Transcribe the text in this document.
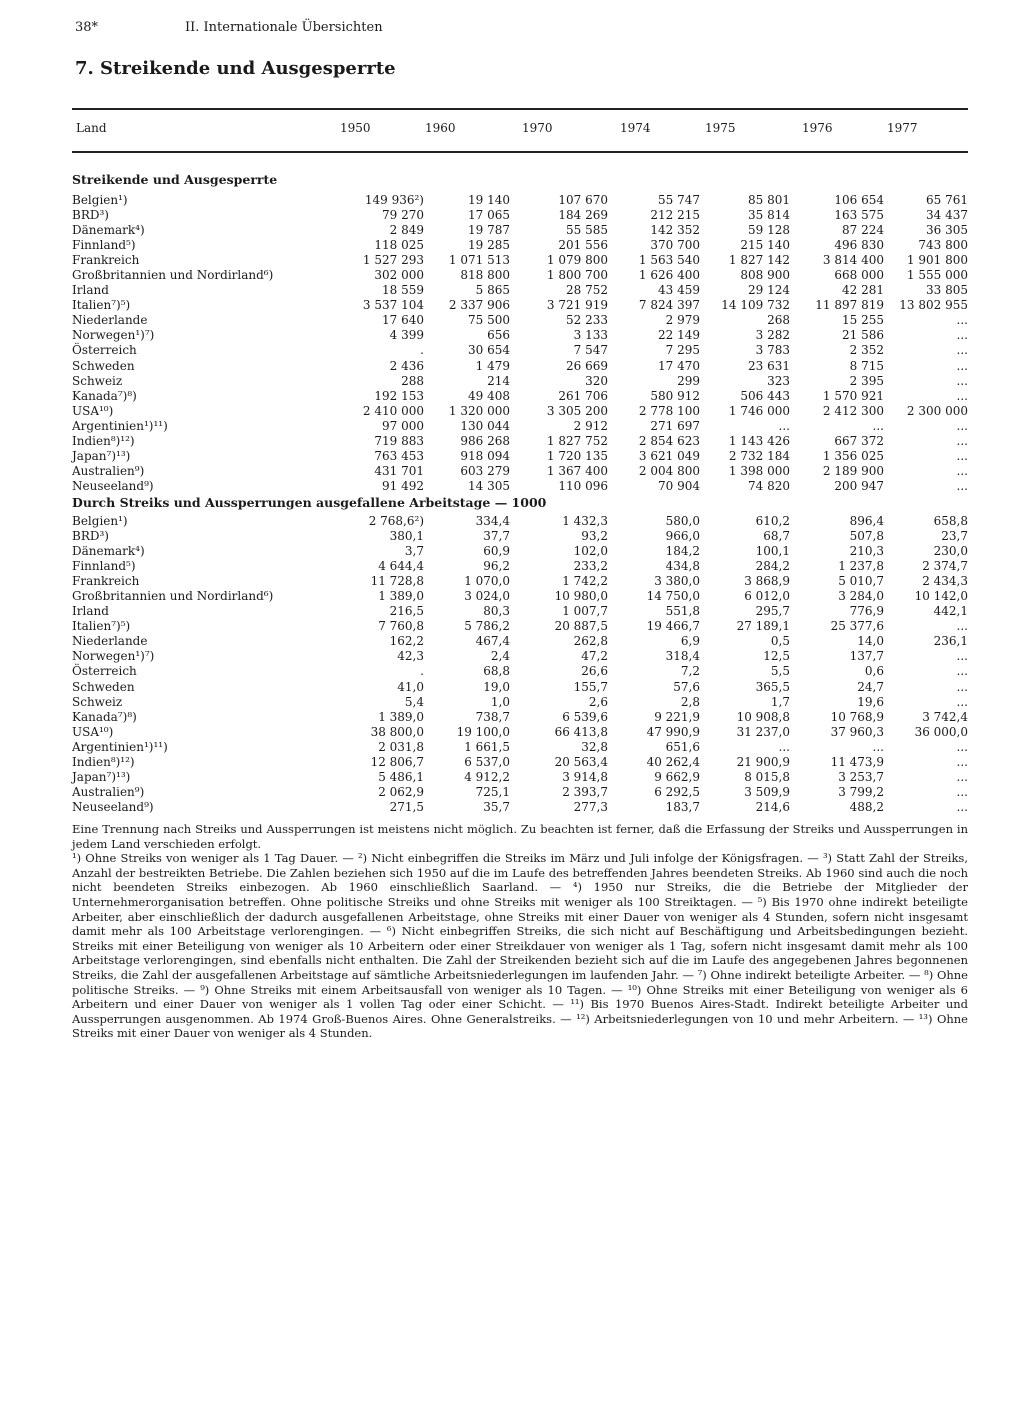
38*	II. Internationale Übersichten
7. Streikende und Ausgesperrte
Land	1950	1960	1970	1974	1975	1976	1977
Streikende und Ausgesperrte
Belgien¹)	149 936²)	19 140	107 670	55 747	85 801	106 654	65 761
BRD³)	79 270	17 065	184 269	212 215	35 814	163 575	34 437
Dänemark⁴)	2 849	19 787	55 585	142 352	59 128	87 224	36 305
Finnland⁵)	118 025	19 285	201 556	370 700	215 140	496 830	743 800
Frankreich	1 527 293	1 071 513	1 079 800	1 563 540	1 827 142	3 814 400	1 901 800
Großbritannien und Nordirland⁶)	302 000	818 800	1 800 700	1 626 400	808 900	668 000	1 555 000
Irland	18 559	5 865	28 752	43 459	29 124	42 281	33 805
Italien⁷)⁵)	3 537 104	2 337 906	3 721 919	7 824 397	14 109 732	11 897 819	13 802 955
Niederlande	17 640	75 500	52 233	2 979	268	15 255	...
Norwegen¹)⁷)	4 399	656	3 133	22 149	3 282	21 586	...
Österreich	.	30 654	7 547	7 295	3 783	2 352	...
Schweden	2 436	1 479	26 669	17 470	23 631	8 715	...
Schweiz	288	214	320	299	323	2 395	...
Kanada⁷)⁸)	192 153	49 408	261 706	580 912	506 443	1 570 921	...
USA¹⁰)	2 410 000	1 320 000	3 305 200	2 778 100	1 746 000	2 412 300	2 300 000
Argentinien¹)¹¹)	97 000	130 044	2 912	271 697	...	...	...
Indien⁸)¹²)	719 883	986 268	1 827 752	2 854 623	1 143 426	667 372	...
Japan⁷)¹³)	763 453	918 094	1 720 135	3 621 049	2 732 184	1 356 025	...
Australien⁹)	431 701	603 279	1 367 400	2 004 800	1 398 000	2 189 900	...
Neuseeland⁹)	91 492	14 305	110 096	70 904	74 820	200 947	...
Durch Streiks und Aussperrungen ausgefallene Arbeitstage — 1000
Belgien¹)	2 768,6²)	334,4	1 432,3	580,0	610,2	896,4	658,8
BRD³)	380,1	37,7	93,2	966,0	68,7	507,8	23,7
Dänemark⁴)	3,7	60,9	102,0	184,2	100,1	210,3	230,0
Finnland⁵)	4 644,4	96,2	233,2	434,8	284,2	1 237,8	2 374,7
Frankreich	11 728,8	1 070,0	1 742,2	3 380,0	3 868,9	5 010,7	2 434,3
Großbritannien und Nordirland⁶)	1 389,0	3 024,0	10 980,0	14 750,0	6 012,0	3 284,0	10 142,0
Irland	216,5	80,3	1 007,7	551,8	295,7	776,9	442,1
Italien⁷)⁵)	7 760,8	5 786,2	20 887,5	19 466,7	27 189,1	25 377,6	...
Niederlande	162,2	467,4	262,8	6,9	0,5	14,0	236,1
Norwegen¹)⁷)	42,3	2,4	47,2	318,4	12,5	137,7	...
Österreich	.	68,8	26,6	7,2	5,5	0,6	...
Schweden	41,0	19,0	155,7	57,6	365,5	24,7	...
Schweiz	5,4	1,0	2,6	2,8	1,7	19,6	...
Kanada⁷)⁸)	1 389,0	738,7	6 539,6	9 221,9	10 908,8	10 768,9	3 742,4
USA¹⁰)	38 800,0	19 100,0	66 413,8	47 990,9	31 237,0	37 960,3	36 000,0
Argentinien¹)¹¹)	2 031,8	1 661,5	32,8	651,6	...	...	...
Indien⁸)¹²)	12 806,7	6 537,0	20 563,4	40 262,4	21 900,9	11 473,9	...
Japan⁷)¹³)	5 486,1	4 912,2	3 914,8	9 662,9	8 015,8	3 253,7	...
Australien⁹)	2 062,9	725,1	2 393,7	6 292,5	3 509,9	3 799,2	...
Neuseeland⁹)	271,5	35,7	277,3	183,7	214,6	488,2	...

Eine Trennung nach Streiks und Aussperrungen ist meistens nicht möglich. Zu beachten ist ferner, daß die Erfassung der Streiks und Aussperrungen in jedem Land verschieden erfolgt.

¹) Ohne Streiks von weniger als 1 Tag Dauer. — ²) Nicht einbegriffen die Streiks im März und Juli infolge der Königsfragen. — ³) Statt Zahl der Streiks, Anzahl der bestreikten Betriebe. Die Zahlen beziehen sich 1950 auf die im Laufe des betreffenden Jahres beendeten Streiks. Ab 1960 sind auch die noch nicht beendeten Streiks einbezogen. Ab 1960 einschließlich Saarland. — ⁴) 1950 nur Streiks, die die Betriebe der Mitglieder der Unternehmerorganisation betreffen. Ohne politische Streiks und ohne Streiks mit weniger als 100 Streiktagen. — ⁵) Bis 1970 ohne indirekt beteiligte Arbeiter, aber einschließlich der dadurch ausgefallenen Arbeitstage, ohne Streiks mit einer Dauer von weniger als 4 Stunden, sofern nicht insgesamt damit mehr als 100 Arbeitstage verlorengingen. — ⁶) Nicht einbegriffen Streiks, die sich nicht auf Beschäftigung und Arbeitsbedingungen bezieht. Streiks mit einer Beteiligung von weniger als 10 Arbeitern oder einer Streikdauer von weniger als 1 Tag, sofern nicht insgesamt damit mehr als 100 Arbeitstage verlorengingen, sind ebenfalls nicht enthalten. Die Zahl der Streikenden bezieht sich auf die im Laufe des angegebenen Jahres begonnenen Streiks, die Zahl der ausgefallenen Arbeitstage auf sämtliche Arbeitsniederlegungen im laufenden Jahr. — ⁷) Ohne indirekt beteiligte Arbeiter. — ⁸) Ohne politische Streiks. — ⁹) Ohne Streiks mit einem Arbeitsausfall von weniger als 10 Tagen. — ¹⁰) Ohne Streiks mit einer Beteiligung von weniger als 6 Arbeitern und einer Dauer von weniger als 1 vollen Tag oder einer Schicht. — ¹¹) Bis 1970 Buenos Aires-Stadt. Indirekt beteiligte Arbeiter und Aussperrungen ausgenommen. Ab 1974 Groß-Buenos Aires. Ohne Generalstreiks. — ¹²) Arbeitsniederlegungen von 10 und mehr Arbeitern. — ¹³) Ohne Streiks mit einer Dauer von weniger als 4 Stunden.
